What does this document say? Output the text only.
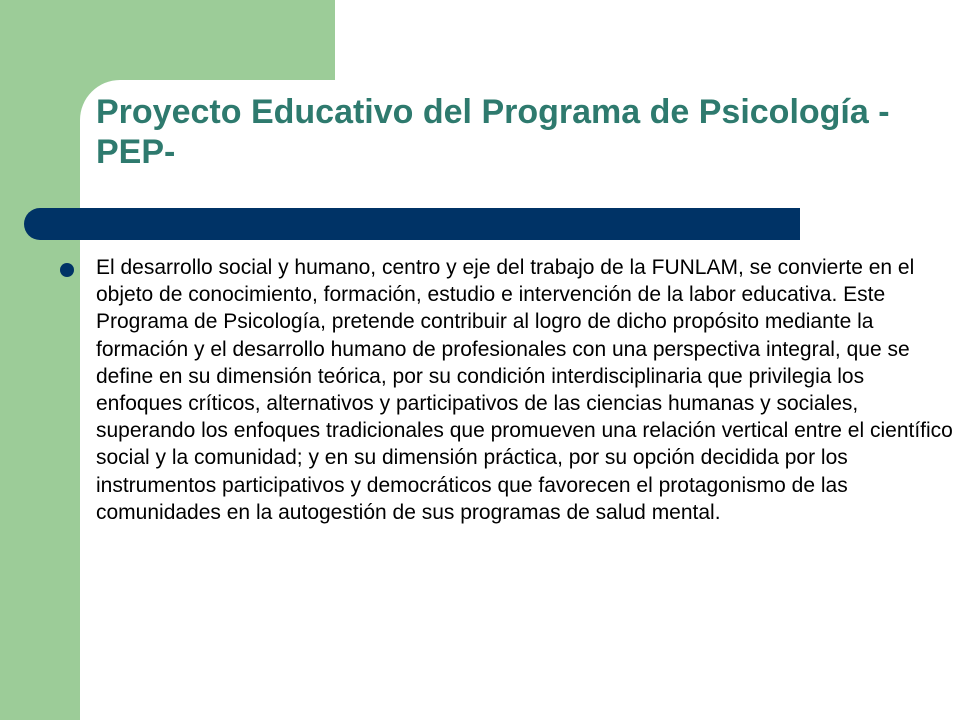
Proyecto Educativo del Programa de Psicología -PEP-

El desarrollo social y humano, centro y eje del trabajo de la FUNLAM, se convierte en el objeto de conocimiento, formación, estudio e intervención de la labor educativa. Este Programa de Psicología, pretende contribuir al logro de dicho propósito mediante la formación y el desarrollo humano de profesionales con una perspectiva integral, que se define en su dimensión teórica, por su condición interdisciplinaria que privilegia los enfoques críticos, alternativos y participativos de las ciencias humanas y sociales, superando los enfoques tradicionales que promueven una relación vertical entre el científico social y la comunidad; y en su dimensión práctica, por su opción decidida por los instrumentos participativos y democráticos que favorecen el protagonismo de las comunidades en la autogestión de sus programas de salud mental.
